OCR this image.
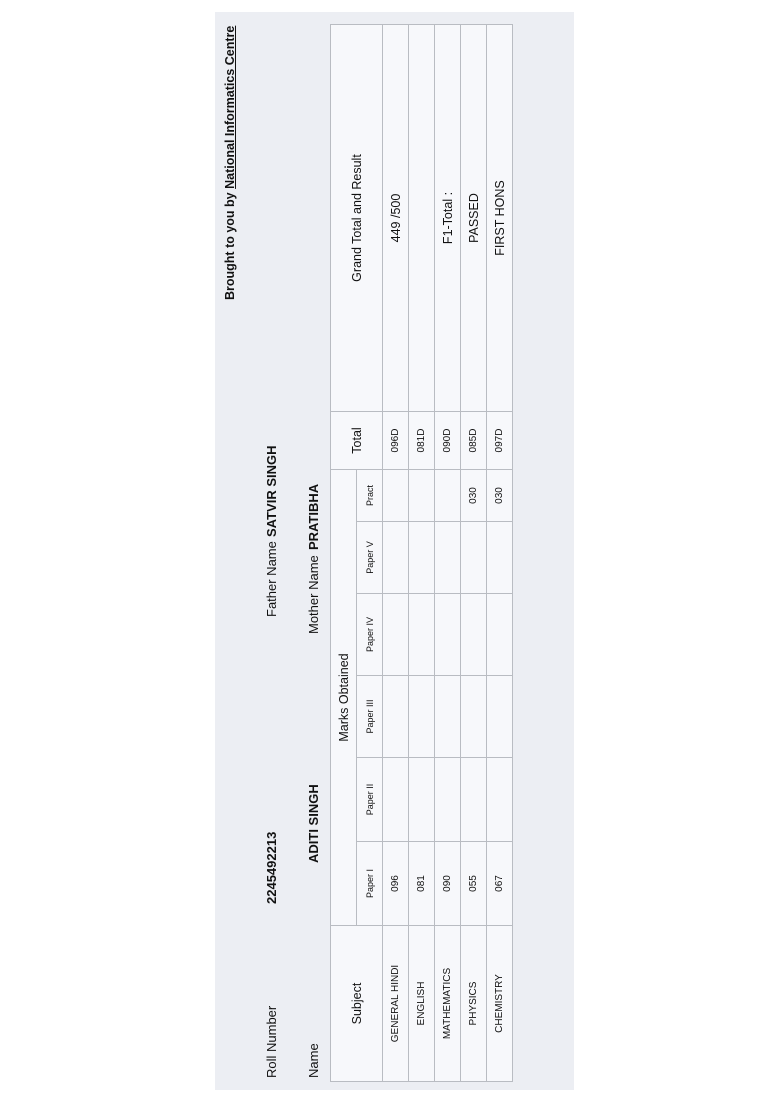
Roll Number
2245492213
Name
ADITI SINGH
Father Name
SATVIR SINGH
Mother Name
PRATIBHA
Brought to you by National Informatics Centre
Subject	Marks Obtained						Total	Grand Total and Result
	Paper I	Paper II	Paper III	Paper IV	Paper V	Pract		
GENERAL HINDI	096						096D	449 /500
ENGLISH	081						081D	
MATHEMATICS	090						090D	F1-Total :
PHYSICS	055					030	085D	PASSED
CHEMISTRY	067					030	097D	FIRST HONS
